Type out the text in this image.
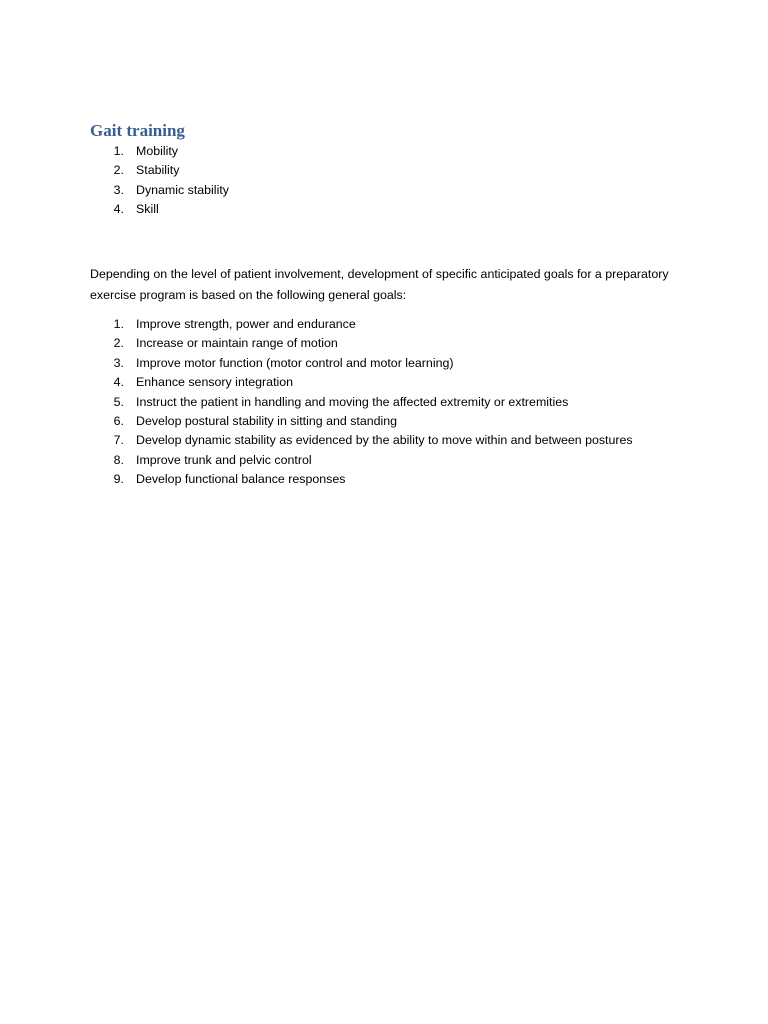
Gait training
1. Mobility
2. Stability
3. Dynamic stability
4. Skill

Depending on the level of patient involvement, development of specific anticipated goals for a preparatory exercise program is based on the following general goals:

1. Improve strength, power and endurance
2. Increase or maintain range of motion
3. Improve motor function (motor control and motor learning)
4. Enhance sensory integration
5. Instruct the patient in handling and moving the affected extremity or extremities
6. Develop postural stability in sitting and standing
7. Develop dynamic stability as evidenced by the ability to move within and between postures
8. Improve trunk and pelvic control
9. Develop functional balance responses
